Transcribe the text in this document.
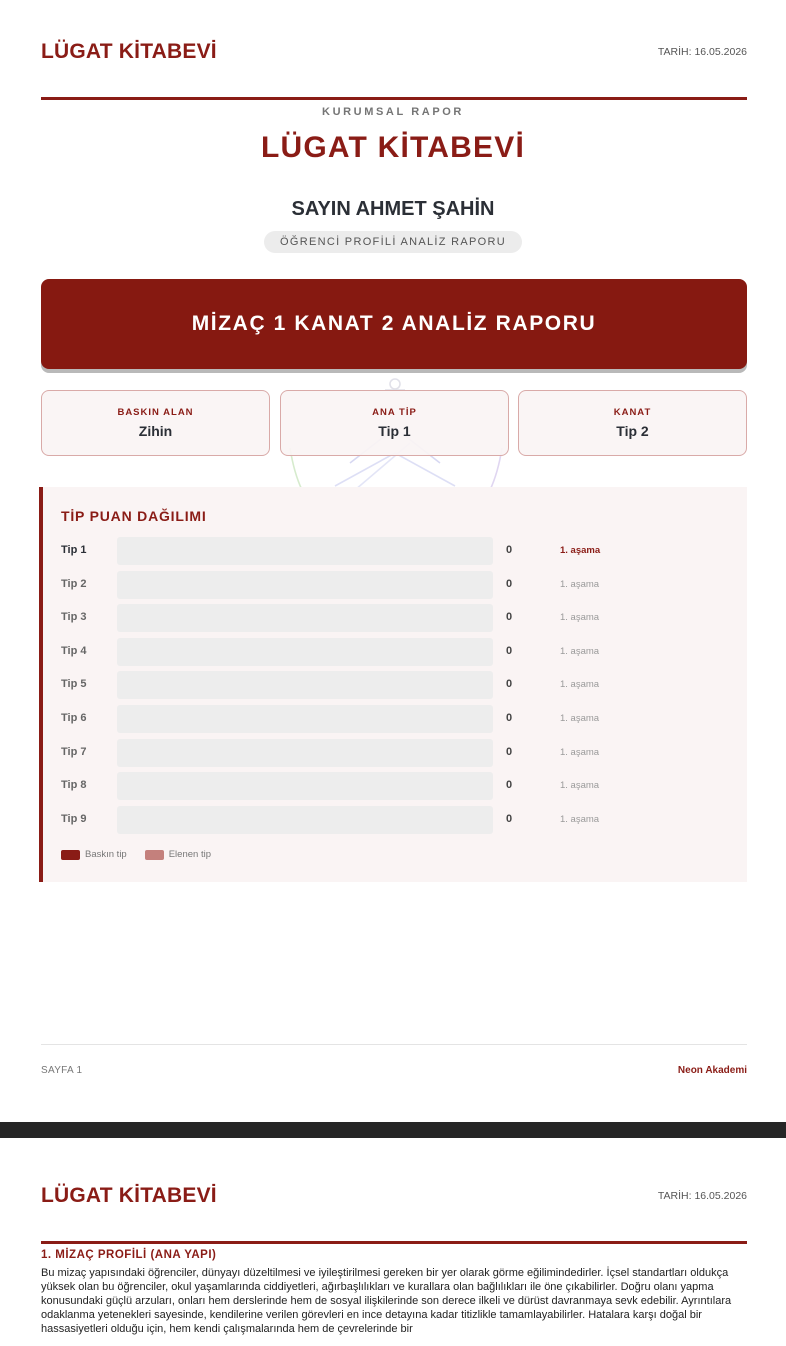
LÜGAT KİTABEVİ	TARİH: 16.05.2026
KURUMSAL RAPOR
LÜGAT KİTABEVİ
SAYIN AHMET ŞAHİN
ÖĞRENCİ PROFİLİ ANALİZ RAPORU
MİZAÇ 1 KANAT 2 ANALİZ RAPORU
BASKIN ALAN
Zihin
ANA TİP
Tip 1
KANAT
Tip 2
TİP PUAN DAĞILIMI
Tip 1	0	1. aşama
Tip 2	0	1. aşama
Tip 3	0	1. aşama
Tip 4	0	1. aşama
Tip 5	0	1. aşama
Tip 6	0	1. aşama
Tip 7	0	1. aşama
Tip 8	0	1. aşama
Tip 9	0	1. aşama
Baskın tip	Elenen tip
SAYFA 1	Neon Akademi
LÜGAT KİTABEVİ	TARİH: 16.05.2026
1. MİZAÇ PROFİLİ (ANA YAPI)
Bu mizaç yapısındaki öğrenciler, dünyayı düzeltilmesi ve iyileştirilmesi gereken bir yer olarak görme eğilimindedirler. İçsel standartları oldukça yüksek olan bu öğrenciler, okul yaşamlarında ciddiyetleri, ağırbaşlılıkları ve kurallara olan bağlılıkları ile öne çıkabilirler. Doğru olanı yapma konusundaki güçlü arzuları, onları hem derslerinde hem de sosyal ilişkilerinde son derece ilkeli ve dürüst davranmaya sevk edebilir. Ayrıntılara odaklanma yetenekleri sayesinde, kendilerine verilen görevleri en ince detayına kadar titizlikle tamamlayabilirler. Hatalara karşı doğal bir hassasiyetleri olduğu için, hem kendi çalışmalarında hem de çevrelerinde bir
